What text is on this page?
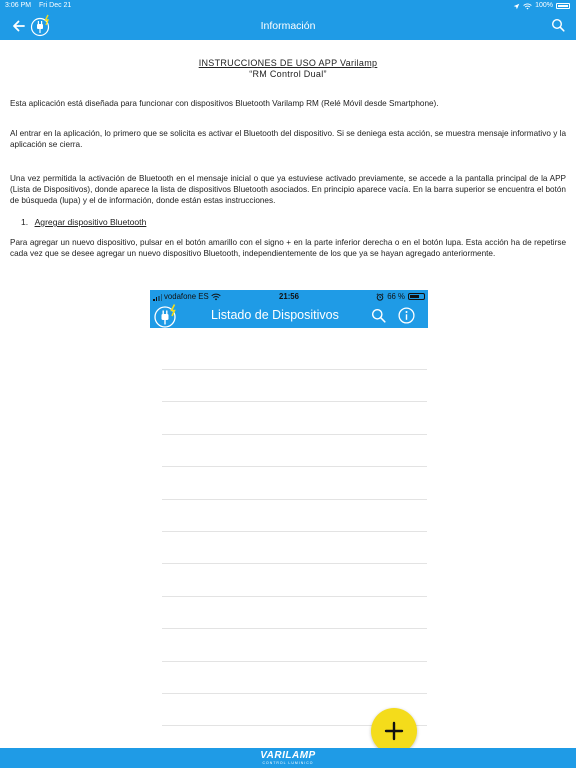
3:06 PM Fri Dec 21	100%
Información
INSTRUCCIONES DE USO APP Varilamp
“RM Control Dual”

Esta aplicación está diseñada para funcionar con dispositivos Bluetooth Varilamp RM (Relé Móvil desde Smartphone).

Al entrar en la aplicación, lo primero que se solicita es activar el Bluetooth del dispositivo. Si se deniega esta acción, se muestra mensaje informativo y la aplicación se cierra.

Una vez permitida la activación de Bluetooth en el mensaje inicial o que ya estuviese activado previamente, se accede a la pantalla principal de la APP (Lista de Dispositivos), donde aparece la lista de dispositivos Bluetooth asociados. En principio aparece vacía. En la barra superior se encuentra el botón de búsqueda (lupa) y el de información, donde están estas instrucciones.

1. Agregar dispositivo Bluetooth

Para agregar un nuevo dispositivo, pulsar en el botón amarillo con el signo + en la parte inferior derecha o en el botón lupa. Esta acción ha de repetirse cada vez que se desee agregar un nuevo dispositivo Bluetooth, independientemente de los que ya se hayan agregado anteriormente.

vodafone ES	21:56	66 %
Listado de Dispositivos
VARILAMP
CONTROL LUMINICO
